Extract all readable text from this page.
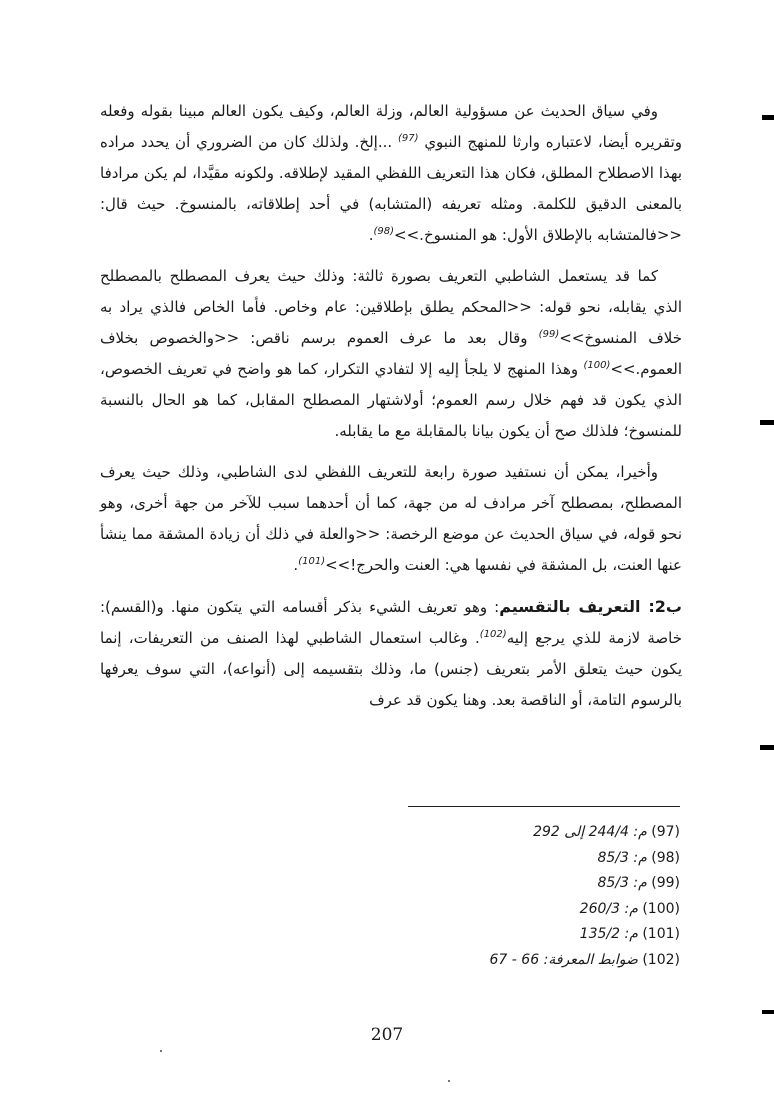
وفي سياق الحديث عن مسؤولية العالم، وزلة العالم، وكيف يكون العالم مبينا بقوله وفعله وتقريره أيضا، لاعتباره وارثا للمنهج النبوي $^{(97)}$ ...إلخ. ولذلك كان من الضروري أن يحدد مراده بهذا الاصطلاح المطلق، فكان هذا التعريف اللفظي المقيد لإطلاقه. ولكونه مقيَّدا، لم يكن مرادفا بالمعنى الدقيق للكلمة. ومثله تعريفه (المتشابه) في أحد إطلاقاته، بالمنسوخ. حيث قال: <<فالمتشابه بالإطلاق الأول: هو المنسوخ.>>$^{(98)}$.

كما قد يستعمل الشاطبي التعريف بصورة ثالثة: وذلك حيث يعرف المصطلح بالمصطلح الذي يقابله، نحو قوله: <<المحكم يطلق بإطلاقين: عام وخاص. فأما الخاص فالذي يراد به خلاف المنسوخ>>$^{(99)}$ وقال بعد ما عرف العموم برسم ناقص: <<والخصوص بخلاف العموم.>>$^{(100)}$ وهذا المنهج لا يلجأ إليه إلا لتفادي التكرار، كما هو واضح في تعريف الخصوص، الذي يكون قد فهم خلال رسم العموم؛ أولاشتهار المصطلح المقابل، كما هو الحال بالنسبة للمنسوخ؛ فلذلك صح أن يكون بيانا بالمقابلة مع ما يقابله.

وأخيرا، يمكن أن نستفيد صورة رابعة للتعريف اللفظي لدى الشاطبي، وذلك حيث يعرف المصطلح، بمصطلح آخر مرادف له من جهة، كما أن أحدهما سبب للآخر من جهة أخرى، وهو نحو قوله، في سياق الحديث عن موضع الرخصة: <<والعلة في ذلك أن زيادة المشقة مما ينشأ عنها العنت، بل المشقة في نفسها هي: العنت والحرج!>>$^{(101)}$.

ب2: التعريف بالتقسيم: وهو تعريف الشيء بذكر أقسامه التي يتكون منها. و(القسم): خاصة لازمة للذي يرجع إليه$^{(102)}$. وغالب استعمال الشاطبي لهذا الصنف من التعريفات، إنما يكون حيث يتعلق الأمر بتعريف (جنس) ما، وذلك بتقسيمه إلى (أنواعه)، التي سوف يعرفها بالرسوم التامة، أو الناقصة بعد. وهنا يكون قد عرف

(97) م: 244/4 إلى 292
(98) م: 85/3
(99) م: 85/3
(100) م: 260/3
(101) م: 135/2
(102) ضوابط المعرفة: 66 - 67
207
